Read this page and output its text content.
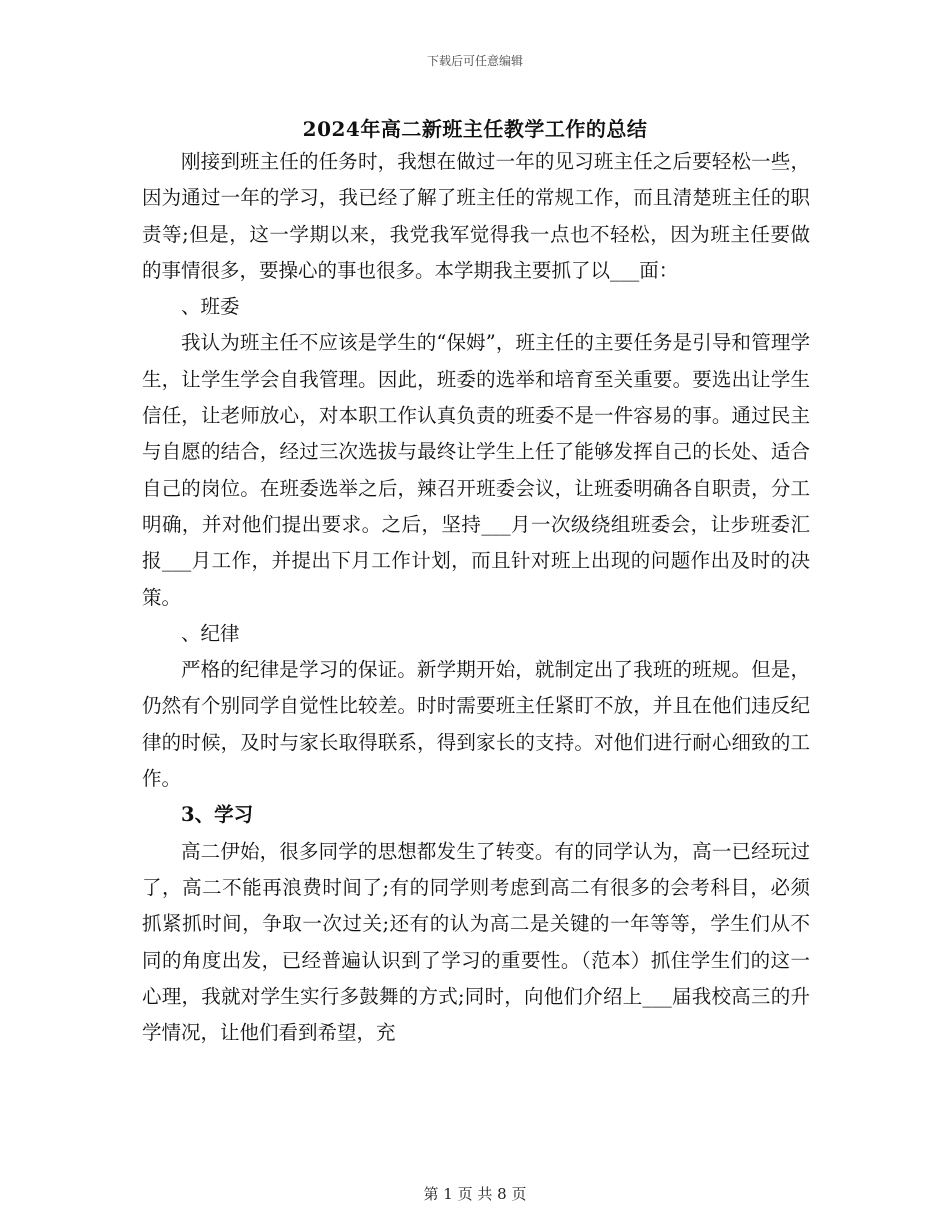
下载后可任意编辑
2024年高二新班主任教学工作的总结

刚接到班主任的任务时，我想在做过一年的见习班主任之后要轻松一些，因为通过一年的学习，我已经了解了班主任的常规工作，而且清楚班主任的职责等;但是，这一学期以来，我党我军觉得我一点也不轻松，因为班主任要做的事情很多，要操心的事也很多。本学期我主要抓了以___面：

、班委

我认为班主任不应该是学生的“保姆”，班主任的主要任务是引导和管理学生，让学生学会自我管理。因此，班委的选举和培育至关重要。要选出让学生信任，让老师放心，对本职工作认真负责的班委不是一件容易的事。通过民主与自愿的结合，经过三次选拔与最终让学生上任了能够发挥自己的长处、适合自己的岗位。在班委选举之后，辣召开班委会议，让班委明确各自职责，分工明确，并对他们提出要求。之后，坚持___月一次级绕组班委会，让步班委汇报___月工作，并提出下月工作计划，而且针对班上出现的问题作出及时的决策。

、纪律

严格的纪律是学习的保证。新学期开始，就制定出了我班的班规。但是，仍然有个别同学自觉性比较差。时时需要班主任紧盯不放，并且在他们违反纪律的时候，及时与家长取得联系，得到家长的支持。对他们进行耐心细致的工作。

3、学习

高二伊始，很多同学的思想都发生了转变。有的同学认为，高一已经玩过了，高二不能再浪费时间了;有的同学则考虑到高二有很多的会考科目，必须抓紧抓时间，争取一次过关;还有的认为高二是关键的一年等等，学生们从不同的角度出发，已经普遍认识到了学习的重要性。（范本）抓住学生们的这一心理，我就对学生实行多鼓舞的方式;同时，向他们介绍上___届我校高三的升学情况，让他们看到希望，充

第 1 页 共 8 页
